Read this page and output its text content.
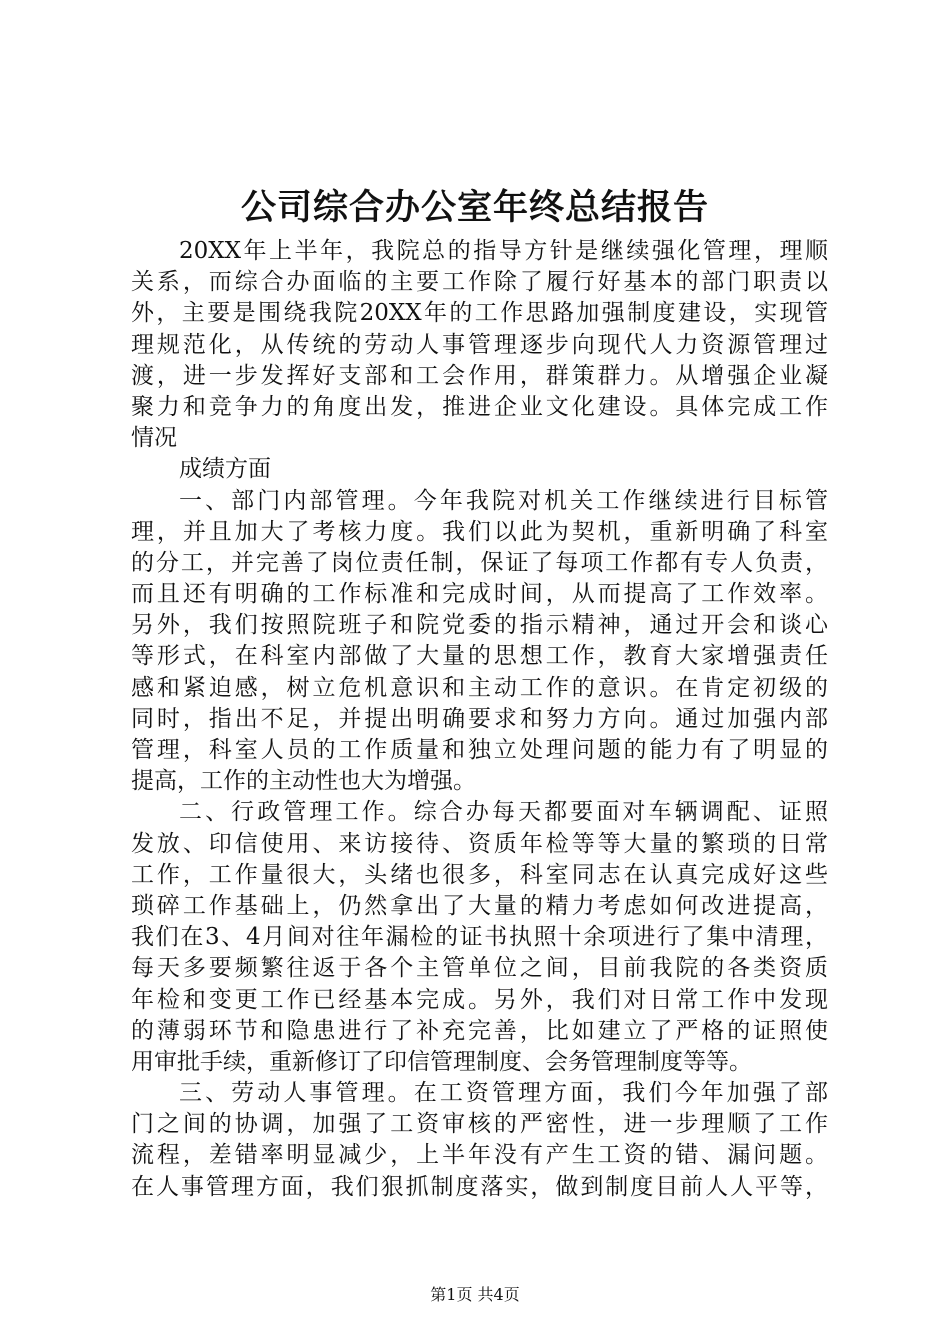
公司综合办公室年终总结报告
20XX年上半年，我院总的指导方针是继续强化管理，理顺
关系，而综合办面临的主要工作除了履行好基本的部门职责以
外，主要是围绕我院20XX年的工作思路加强制度建设，实现管
理规范化，从传统的劳动人事管理逐步向现代人力资源管理过
渡，进一步发挥好支部和工会作用，群策群力。从增强企业凝
聚力和竞争力的角度出发，推进企业文化建设。具体完成工作
情况
成绩方面
一、部门内部管理。今年我院对机关工作继续进行目标管
理，并且加大了考核力度。我们以此为契机，重新明确了科室
的分工，并完善了岗位责任制，保证了每项工作都有专人负责，
而且还有明确的工作标准和完成时间，从而提高了工作效率。
另外，我们按照院班子和院党委的指示精神，通过开会和谈心
等形式，在科室内部做了大量的思想工作，教育大家增强责任
感和紧迫感，树立危机意识和主动工作的意识。在肯定初级的
同时，指出不足，并提出明确要求和努力方向。通过加强内部
管理，科室人员的工作质量和独立处理问题的能力有了明显的
提高，工作的主动性也大为增强。
二、行政管理工作。综合办每天都要面对车辆调配、证照
发放、印信使用、来访接待、资质年检等等大量的繁琐的日常
工作，工作量很大，头绪也很多，科室同志在认真完成好这些
琐碎工作基础上，仍然拿出了大量的精力考虑如何改进提高，
我们在3、4月间对往年漏检的证书执照十余项进行了集中清理，
每天多要频繁往返于各个主管单位之间，目前我院的各类资质
年检和变更工作已经基本完成。另外，我们对日常工作中发现
的薄弱环节和隐患进行了补充完善，比如建立了严格的证照使
用审批手续，重新修订了印信管理制度、会务管理制度等等。
三、劳动人事管理。在工资管理方面，我们今年加强了部
门之间的协调，加强了工资审核的严密性，进一步理顺了工作
流程，差错率明显减少，上半年没有产生工资的错、漏问题。
在人事管理方面，我们狠抓制度落实，做到制度目前人人平等，
第1页 共4页
